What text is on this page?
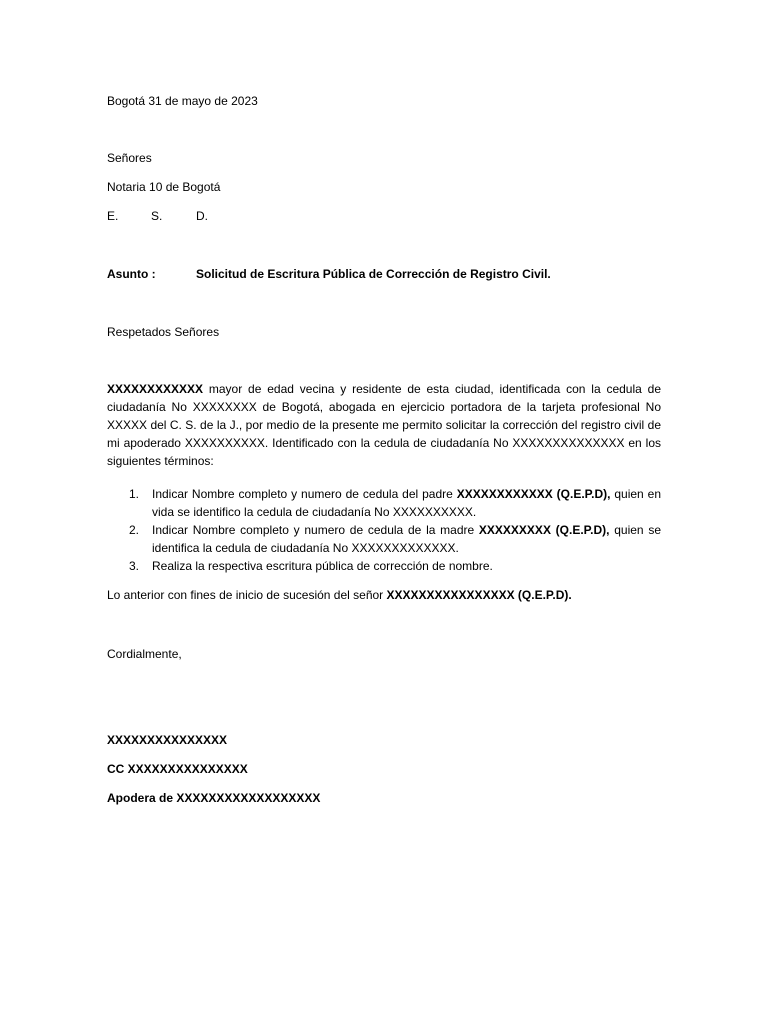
Bogotá 31 de mayo de 2023
Señores
Notaria 10 de Bogotá
E.	S.	D.
Asunto :	Solicitud de Escritura Pública de Corrección de Registro Civil.
Respetados Señores
XXXXXXXXXXXX mayor de edad vecina y residente de esta ciudad, identificada con la cedula de ciudadanía No XXXXXXXX de Bogotá, abogada en ejercicio portadora de la tarjeta profesional No XXXXX del C. S. de la J., por medio de la presente me permito solicitar la corrección del registro civil de mi apoderado XXXXXXXXXX. Identificado con la cedula de ciudadanía No XXXXXXXXXXXXXX en los siguientes términos:
1. Indicar Nombre completo y numero de cedula del padre XXXXXXXXXXXX (Q.E.P.D), quien en vida se identifico la cedula de ciudadanía No XXXXXXXXXX.
2. Indicar Nombre completo y numero de cedula de la madre XXXXXXXXX (Q.E.P.D), quien se identifica la cedula de ciudadanía No XXXXXXXXXXXXX.
3. Realiza la respectiva escritura pública de corrección de nombre.
Lo anterior con fines de inicio de sucesión del señor XXXXXXXXXXXXXXXX (Q.E.P.D).
Cordialmente,
XXXXXXXXXXXXXXX
CC XXXXXXXXXXXXXXX
Apodera de XXXXXXXXXXXXXXXXXX
